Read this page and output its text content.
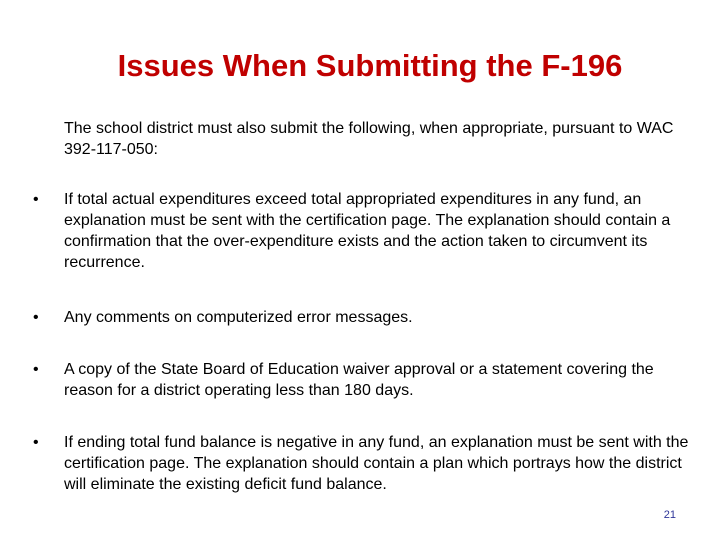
Issues When Submitting the F-196

The school district must also submit the following, when appropriate, pursuant to WAC 392-117-050:

• If total actual expenditures exceed total appropriated expenditures in any fund, an explanation must be sent with the certification page. The explanation should contain a confirmation that the over-expenditure exists and the action taken to circumvent its recurrence.
• Any comments on computerized error messages.
• A copy of the State Board of Education waiver approval or a statement covering the reason for a district operating less than 180 days.
• If ending total fund balance is negative in any fund, an explanation must be sent with the certification page. The explanation should contain a plan which portrays how the district will eliminate the existing deficit fund balance.
21
